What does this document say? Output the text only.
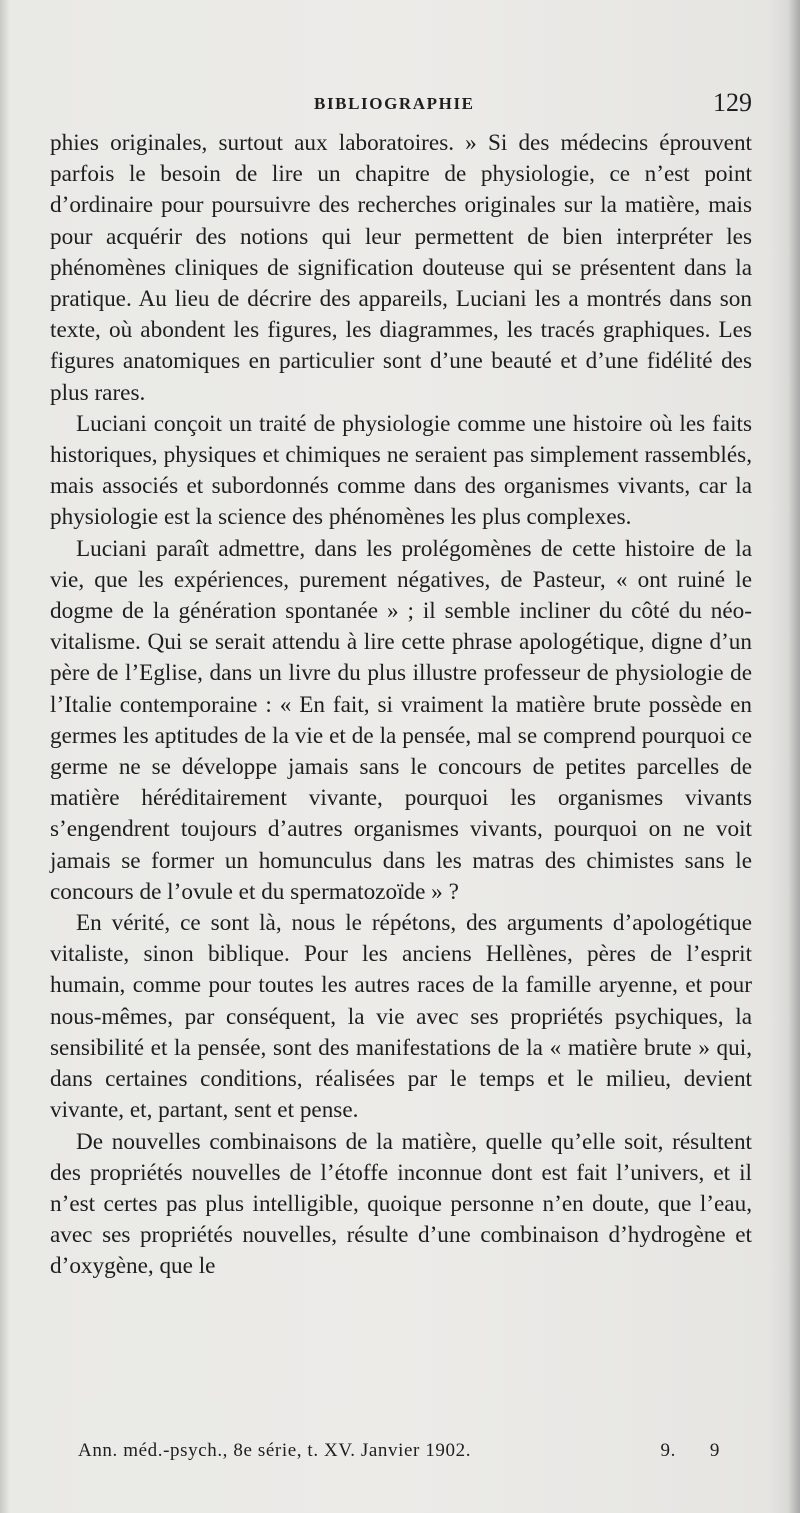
BIBLIOGRAPHIE	129

phies originales, surtout aux laboratoires. » Si des médecins éprouvent parfois le besoin de lire un chapitre de physiologie, ce n’est point d’ordinaire pour poursuivre des recherches originales sur la matière, mais pour acquérir des notions qui leur permettent de bien interpréter les phénomènes cliniques de signification douteuse qui se présentent dans la pratique. Au lieu de décrire des appareils, Luciani les a montrés dans son texte, où abondent les figures, les diagrammes, les tracés graphiques. Les figures anatomiques en particulier sont d’une beauté et d’une fidélité des plus rares.

Luciani conçoit un traité de physiologie comme une histoire où les faits historiques, physiques et chimiques ne seraient pas simplement rassemblés, mais associés et subordonnés comme dans des organismes vivants, car la physiologie est la science des phénomènes les plus complexes.

Luciani paraît admettre, dans les prolégomènes de cette histoire de la vie, que les expériences, purement négatives, de Pasteur, « ont ruiné le dogme de la génération spontanée » ; il semble incliner du côté du néo-vitalisme. Qui se serait attendu à lire cette phrase apologétique, digne d’un père de l’Eglise, dans un livre du plus illustre professeur de physiologie de l’Italie contemporaine : « En fait, si vraiment la matière brute possède en germes les aptitudes de la vie et de la pensée, mal se comprend pourquoi ce germe ne se développe jamais sans le concours de petites parcelles de matière héréditairement vivante, pourquoi les organismes vivants s’engendrent toujours d’autres organismes vivants, pourquoi on ne voit jamais se former un homunculus dans les matras des chimistes sans le concours de l’ovule et du spermatozoïde » ?

En vérité, ce sont là, nous le répétons, des arguments d’apologétique vitaliste, sinon biblique. Pour les anciens Hellènes, pères de l’esprit humain, comme pour toutes les autres races de la famille aryenne, et pour nous-mêmes, par conséquent, la vie avec ses propriétés psychiques, la sensibilité et la pensée, sont des manifestations de la « matière brute » qui, dans certaines conditions, réalisées par le temps et le milieu, devient vivante, et, partant, sent et pense.

De nouvelles combinaisons de la matière, quelle qu’elle soit, résultent des propriétés nouvelles de l’étoffe inconnue dont est fait l’univers, et il n’est certes pas plus intelligible, quoique personne n’en doute, que l’eau, avec ses propriétés nouvelles, résulte d’une combinaison d’hydrogène et d’oxygène, que le

Ann. méd.-psych., 8e série, t. XV. Janvier 1902.	9. 9
